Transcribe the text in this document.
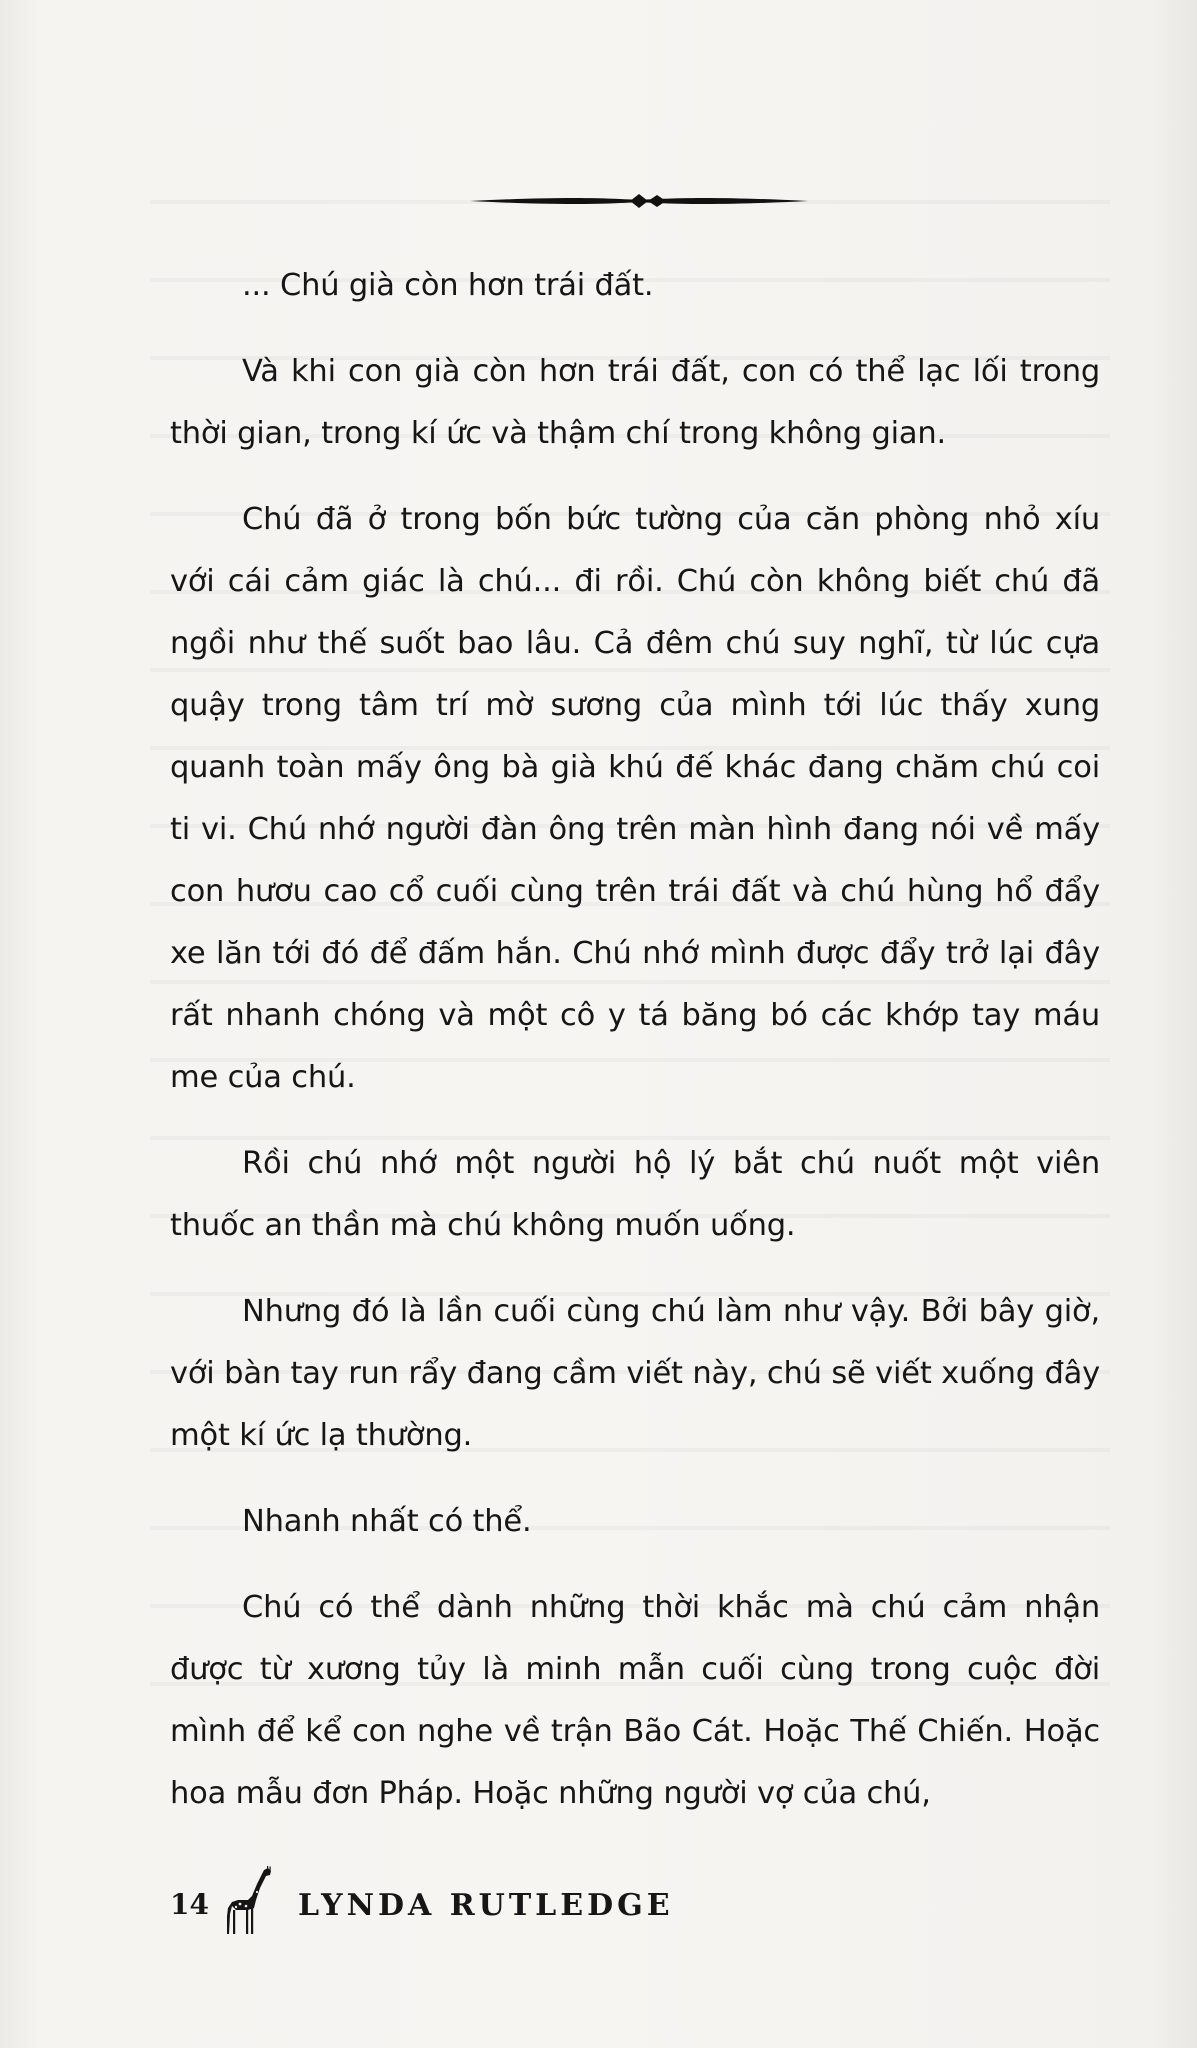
... Chú già còn hơn trái đất.

Và khi con già còn hơn trái đất, con có thể lạc lối trong thời gian, trong kí ức và thậm chí trong không gian.

Chú đã ở trong bốn bức tường của căn phòng nhỏ xíu với cái cảm giác là chú... đi rồi. Chú còn không biết chú đã ngồi như thế suốt bao lâu. Cả đêm chú suy nghĩ, từ lúc cựa quậy trong tâm trí mờ sương của mình tới lúc thấy xung quanh toàn mấy ông bà già khú đế khác đang chăm chú coi ti vi. Chú nhớ người đàn ông trên màn hình đang nói về mấy con hươu cao cổ cuối cùng trên trái đất và chú hùng hổ đẩy xe lăn tới đó để đấm hắn. Chú nhớ mình được đẩy trở lại đây rất nhanh chóng và một cô y tá băng bó các khớp tay máu me của chú.

Rồi chú nhớ một người hộ lý bắt chú nuốt một viên thuốc an thần mà chú không muốn uống.

Nhưng đó là lần cuối cùng chú làm như vậy. Bởi bây giờ, với bàn tay run rẩy đang cầm viết này, chú sẽ viết xuống đây một kí ức lạ thường.

Nhanh nhất có thể.

Chú có thể dành những thời khắc mà chú cảm nhận được từ xương tủy là minh mẫn cuối cùng trong cuộc đời mình để kể con nghe về trận Bão Cát. Hoặc Thế Chiến. Hoặc hoa mẫu đơn Pháp. Hoặc những người vợ của chú,

14	LYNDA RUTLEDGE
